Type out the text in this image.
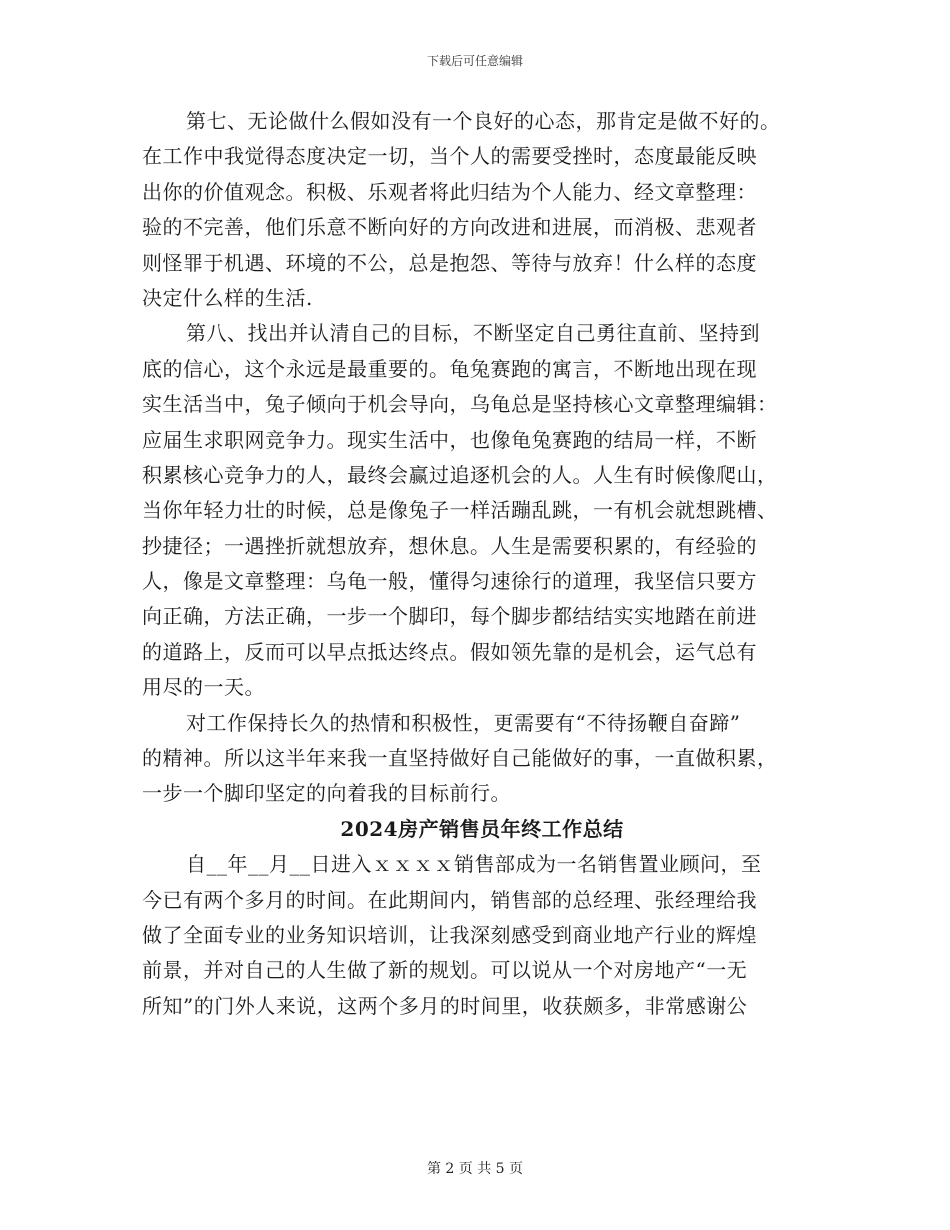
下载后可任意编辑
第七、无论做什么假如没有一个良好的心态，那肯定是做不好的。
在工作中我觉得态度决定一切，当个人的需要受挫时，态度最能反映
出你的价值观念。积极、乐观者将此归结为个人能力、经文章整理：
验的不完善，他们乐意不断向好的方向改进和进展，而消极、悲观者
则怪罪于机遇、环境的不公，总是抱怨、等待与放弃！什么样的态度
决定什么样的生活.
第八、找出并认清自己的目标，不断坚定自己勇往直前、坚持到
底的信心，这个永远是最重要的。龟兔赛跑的寓言，不断地出现在现
实生活当中，兔子倾向于机会导向，乌龟总是坚持核心文章整理编辑：
应届生求职网竞争力。现实生活中，也像龟兔赛跑的结局一样，不断
积累核心竞争力的人，最终会赢过追逐机会的人。人生有时候像爬山，
当你年轻力壮的时候，总是像兔子一样活蹦乱跳，一有机会就想跳槽、
抄捷径；一遇挫折就想放弃，想休息。人生是需要积累的，有经验的
人，像是文章整理：乌龟一般，懂得匀速徐行的道理，我坚信只要方
向正确，方法正确，一步一个脚印，每个脚步都结结实实地踏在前进
的道路上，反而可以早点抵达终点。假如领先靠的是机会，运气总有
用尽的一天。
对工作保持长久的热情和积极性，更需要有“不待扬鞭自奋蹄”
的精神。所以这半年来我一直坚持做好自己能做好的事，一直做积累，
一步一个脚印坚定的向着我的目标前行。
2024房产销售员年终工作总结
自__年__月__日进入ｘｘｘｘ销售部成为一名销售置业顾问，至
今已有两个多月的时间。在此期间内，销售部的总经理、张经理给我
做了全面专业的业务知识培训，让我深刻感受到商业地产行业的辉煌
前景，并对自己的人生做了新的规划。可以说从一个对房地产“一无
所知”的门外人来说，这两个多月的时间里，收获颇多，非常感谢公
第 2 页 共 5 页
